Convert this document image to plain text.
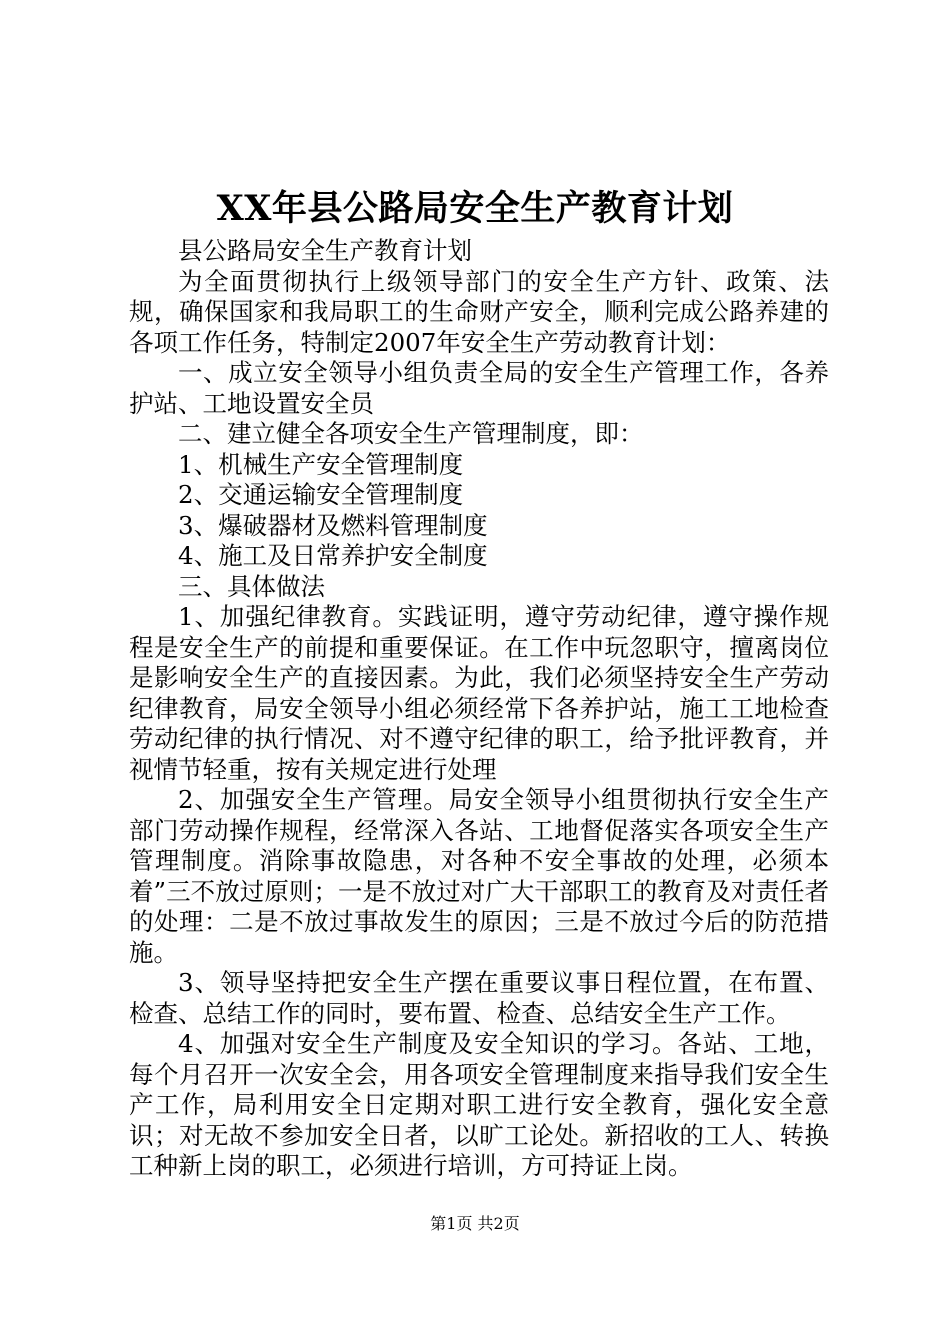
XX年县公路局安全生产教育计划

县公路局安全生产教育计划

为全面贯彻执行上级领导部门的安全生产方针、政策、法规，确保国家和我局职工的生命财产安全，顺利完成公路养建的各项工作任务，特制定2007年安全生产劳动教育计划：

一、成立安全领导小组负责全局的安全生产管理工作，各养护站、工地设置安全员

二、建立健全各项安全生产管理制度，即：

1、机械生产安全管理制度

2、交通运输安全管理制度

3、爆破器材及燃料管理制度

4、施工及日常养护安全制度

三、具体做法

1、加强纪律教育。实践证明，遵守劳动纪律，遵守操作规程是安全生产的前提和重要保证。在工作中玩忽职守，擅离岗位是影响安全生产的直接因素。为此，我们必须坚持安全生产劳动纪律教育，局安全领导小组必须经常下各养护站，施工工地检查劳动纪律的执行情况、对不遵守纪律的职工，给予批评教育，并视情节轻重，按有关规定进行处理

2、加强安全生产管理。局安全领导小组贯彻执行安全生产部门劳动操作规程，经常深入各站、工地督促落实各项安全生产管理制度。消除事故隐患，对各种不安全事故的处理，必须本着”三不放过原则；一是不放过对广大干部职工的教育及对责任者的处理：二是不放过事故发生的原因；三是不放过今后的防范措施。

3、领导坚持把安全生产摆在重要议事日程位置，在布置、检查、总结工作的同时，要布置、检查、总结安全生产工作。

4、加强对安全生产制度及安全知识的学习。各站、工地，每个月召开一次安全会，用各项安全管理制度来指导我们安全生产工作，局利用安全日定期对职工进行安全教育，强化安全意识；对无故不参加安全日者，以旷工论处。新招收的工人、转换工种新上岗的职工，必须进行培训，方可持证上岗。

第1页 共2页
